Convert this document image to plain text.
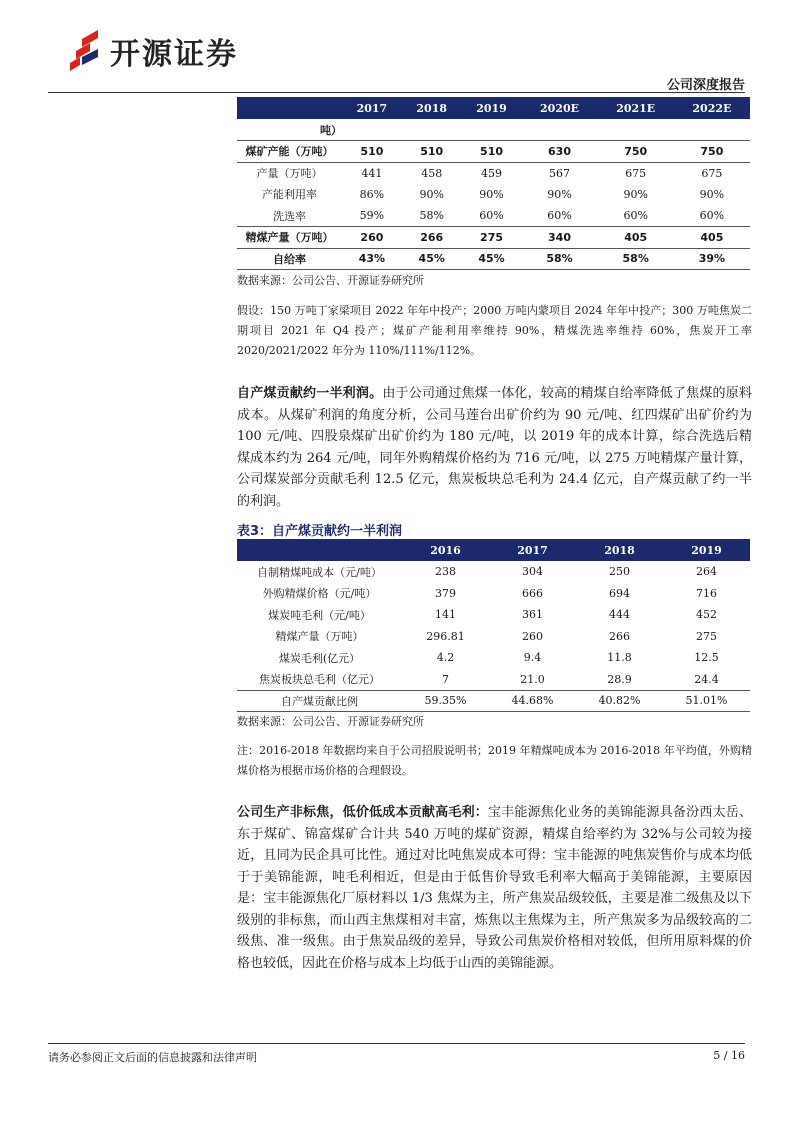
开源证券
公司深度报告
	2017	2018	2019	2020E	2021E	2022E
吨）						
煤矿产能（万吨）	510	510	510	630	750	750
产量（万吨）	441	458	459	567	675	675
产能利用率	86%	90%	90%	90%	90%	90%
洗选率	59%	58%	60%	60%	60%	60%
精煤产量（万吨）	260	266	275	340	405	405
自给率	43%	45%	45%	58%	58%	39%
数据来源：公司公告、开源证券研究所
假设：150 万吨丁家梁项目 2022 年年中投产；2000 万吨内蒙项目 2024 年年中投产；300 万吨焦炭二期项目 2021 年 Q4 投产；煤矿产能利用率维持 90%，精煤洗选率维持 60%，焦炭开工率 2020/2021/2022 年分为 110%/111%/112%。
自产煤贡献约一半利润。由于公司通过焦煤一体化，较高的精煤自给率降低了焦煤的原料成本。从煤矿利润的角度分析，公司马莲台出矿价约为 90 元/吨、红四煤矿出矿价约为 100 元/吨、四股泉煤矿出矿价约为 180 元/吨，以 2019 年的成本计算，综合洗选后精煤成本约为 264 元/吨，同年外购精煤价格约为 716 元/吨，以 275 万吨精煤产量计算，公司煤炭部分贡献毛利 12.5 亿元，焦炭板块总毛利为 24.4 亿元，自产煤贡献了约一半的利润。
表3：自产煤贡献约一半利润
	2016	2017	2018	2019
自制精煤吨成本（元/吨）	238	304	250	264
外购精煤价格（元/吨）	379	666	694	716
煤炭吨毛利（元/吨）	141	361	444	452
精煤产量（万吨）	296.81	260	266	275
煤炭毛利(亿元）	4.2	9.4	11.8	12.5
焦炭板块总毛利（亿元）	7	21.0	28.9	24.4
自产煤贡献比例	59.35%	44.68%	40.82%	51.01%
数据来源：公司公告、开源证券研究所
注：2016-2018 年数据均来自于公司招股说明书；2019 年精煤吨成本为 2016-2018 年平均值，外购精煤价格为根据市场价格的合理假设。
公司生产非标焦，低价低成本贡献高毛利：宝丰能源焦化业务的美锦能源具备汾西太岳、东于煤矿、锦富煤矿合计共 540 万吨的煤矿资源，精煤自给率约为 32%与公司较为接近，且同为民企具可比性。通过对比吨焦炭成本可得：宝丰能源的吨焦炭售价与成本均低于于美锦能源，吨毛利相近，但是由于低售价导致毛利率大幅高于美锦能源，主要原因是：宝丰能源焦化厂原材料以 1/3 焦煤为主，所产焦炭品级较低，主要是准二级焦及以下级别的非标焦，而山西主焦煤相对丰富，炼焦以主焦煤为主，所产焦炭多为品级较高的二级焦、准一级焦。由于焦炭品级的差异，导致公司焦炭价格相对较低，但所用原料煤的价格也较低，因此在价格与成本上均低于山西的美锦能源。
请务必参阅正文后面的信息披露和法律声明	5 / 16
